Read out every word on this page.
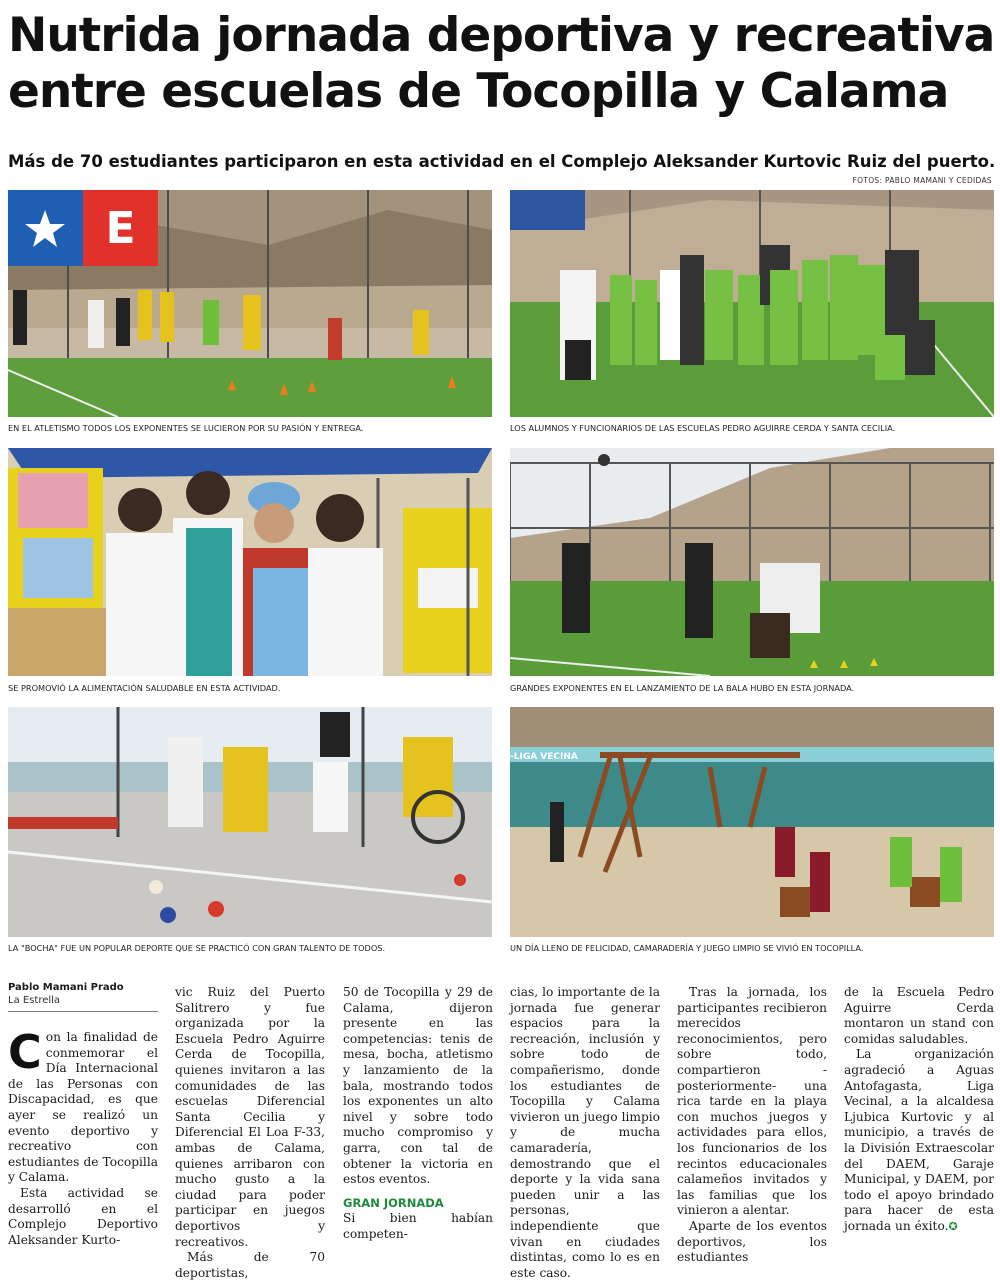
Nutrida jornada deportiva y recreativa
entre escuelas de Tocopilla y Calama

Más de 70 estudiantes participaron en esta actividad en el Complejo Aleksander Kurtovic Ruiz del puerto.

FOTOS: PABLO MAMANI Y CEDIDAS
E
EN EL ATLETISMO TODOS LOS EXPONENTES SE LUCIERON POR SU PASIÓN Y ENTREGA.	LOS ALUMNOS Y FUNCIONARIOS DE LAS ESCUELAS PEDRO AGUIRRE CERDA Y SANTA CECILIA.
SE PROMOVIÓ LA ALIMENTACIÓN SALUDABLE EN ESTA ACTIVIDAD.	GRANDES EXPONENTES EN EL LANZAMIENTO DE LA BALA HUBO EN ESTA JORNADA.
LA "BOCHA" FUE UN POPULAR DEPORTE QUE SE PRACTICÓ CON GRAN TALENTO DE TODOS.
-LIGA VECINA
UN DÍA LLENO DE FELICIDAD, CAMARADERÍA Y JUEGO LIMPIO SE VIVIÓ EN TOCOPILLA.
Pablo Mamani Prado
La Estrella

Con la finalidad de conmemorar el Día Internacional de las Personas con Discapacidad, es que ayer se realizó un evento deportivo y recreativo con estudiantes de Tocopilla y Calama.

Esta actividad se desarrolló en el Complejo Deportivo Aleksander Kurto-

vic Ruiz del Puerto Salitrero y fue organizada por la Escuela Pedro Aguirre Cerda de Tocopilla, quienes invitaron a las comunidades de las escuelas Diferencial Santa Cecilia y Diferencial El Loa F-33, ambas de Calama, quienes arribaron con mucho gusto a la ciudad para poder participar en juegos deportivos y recreativos.

Más de 70 deportistas,

50 de Tocopilla y 29 de Calama, dijeron presente en las competencias: tenis de mesa, bocha, atletismo y lanzamiento de la bala, mostrando todos los exponentes un alto nivel y sobre todo mucho compromiso y garra, con tal de obtener la victoria en estos eventos.

GRAN JORNADA

Si bien habían competen-

cias, lo importante de la jornada fue generar espacios para la recreación, inclusión y sobre todo de compañerismo, donde los estudiantes de Tocopilla y Calama vivieron un juego limpio y de mucha camaradería, demostrando que el deporte y la vida sana pueden unir a las personas, independiente que vivan en ciudades distintas, como lo es en este caso.

Tras la jornada, los participantes recibieron merecidos reconocimientos, pero sobre todo, compartieron -posteriormente- una rica tarde en la playa con muchos juegos y actividades para ellos, los funcionarios de los recintos educacionales calameños invitados y las familias que los vinieron a alentar.

Aparte de los eventos deportivos, los estudiantes

de la Escuela Pedro Aguirre Cerda montaron un stand con comidas saludables.

La organización agradeció a Aguas Antofagasta, Liga Vecinal, a la alcaldesa Ljubica Kurtovic y al municipio, a través de la División Extraescolar del DAEM, Garaje Municipal, y DAEM, por todo el apoyo brindado para hacer de esta jornada un éxito.✪
